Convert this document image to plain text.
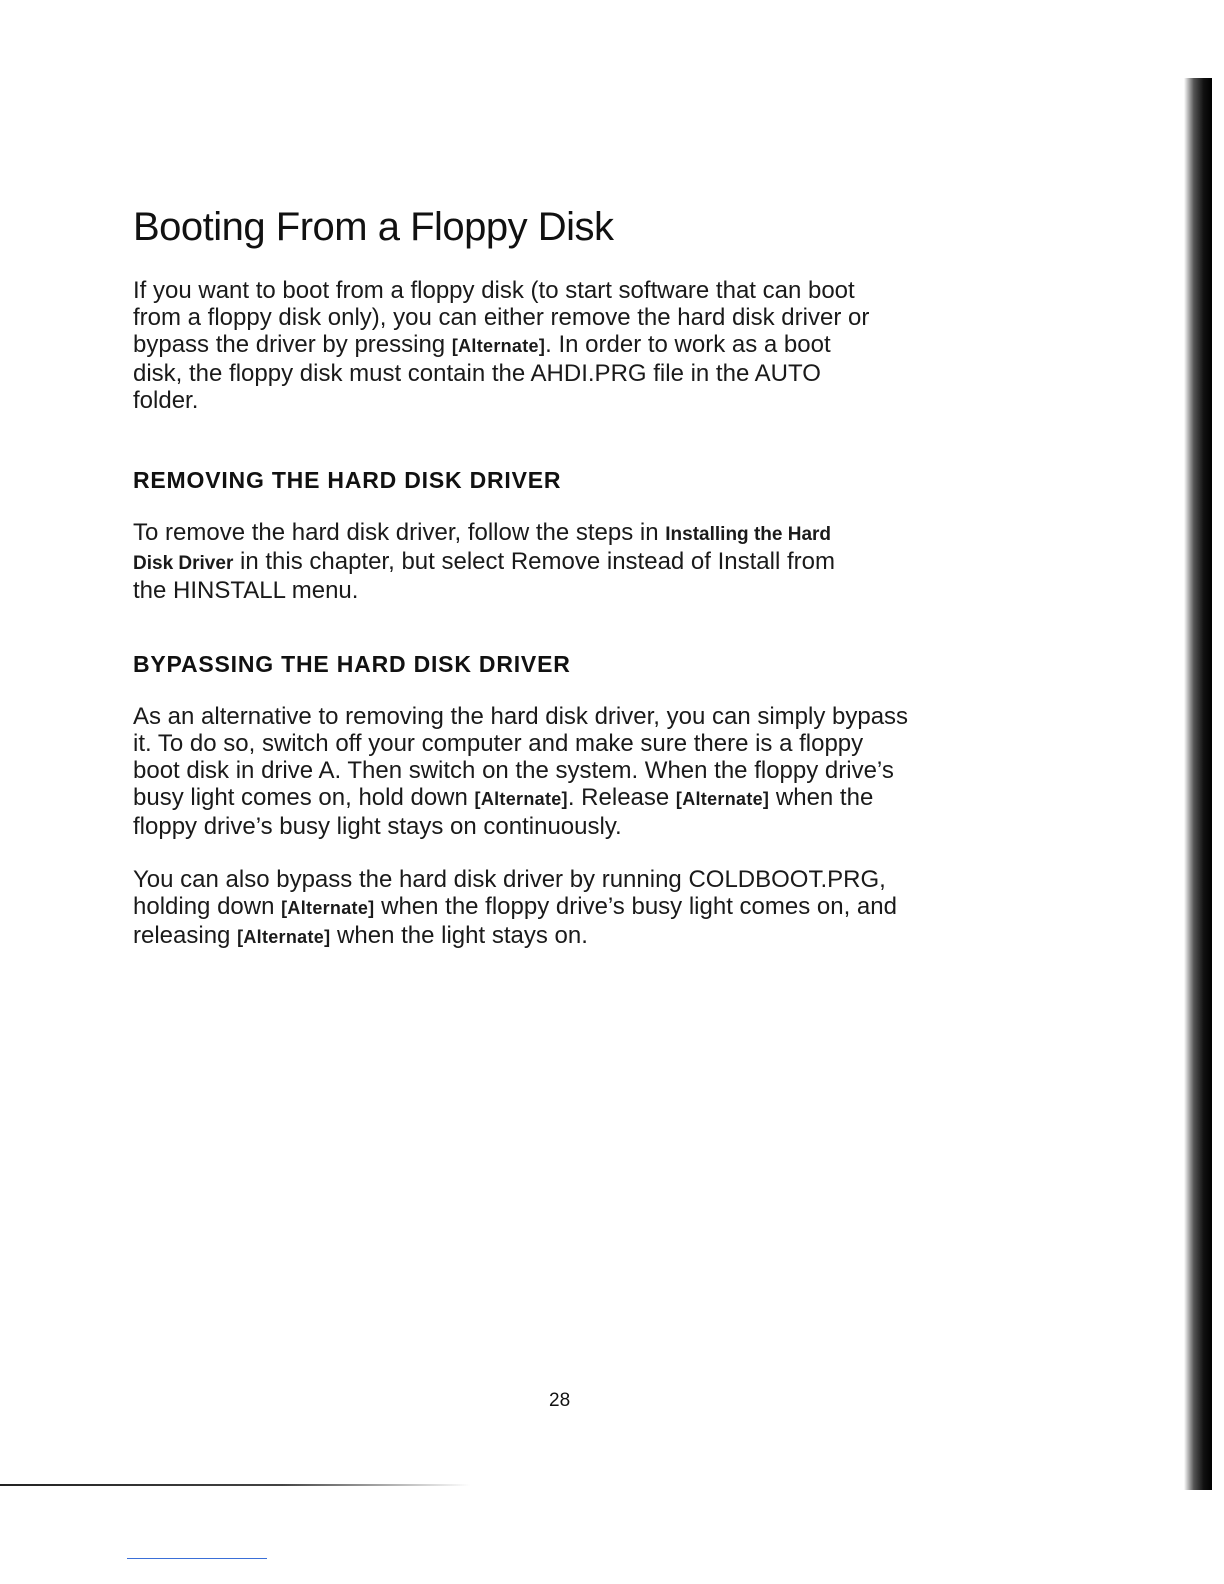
Booting From a Floppy Disk

If you want to boot from a floppy disk (to start software that can boot
from a floppy disk only), you can either remove the hard disk driver or
bypass the driver by pressing [Alternate]. In order to work as a boot
disk, the floppy disk must contain the AHDI.PRG file in the AUTO
folder.

REMOVING THE HARD DISK DRIVER

To remove the hard disk driver, follow the steps in Installing the Hard
Disk Driver in this chapter, but select Remove instead of Install from
the HINSTALL menu.

BYPASSING THE HARD DISK DRIVER

As an alternative to removing the hard disk driver, you can simply bypass
it. To do so, switch off your computer and make sure there is a floppy
boot disk in drive A. Then switch on the system. When the floppy drive’s
busy light comes on, hold down [Alternate]. Release [Alternate] when the
floppy drive’s busy light stays on continuously.

You can also bypass the hard disk driver by running COLDBOOT.PRG,
holding down [Alternate] when the floppy drive’s busy light comes on, and
releasing [Alternate] when the light stays on.

28
